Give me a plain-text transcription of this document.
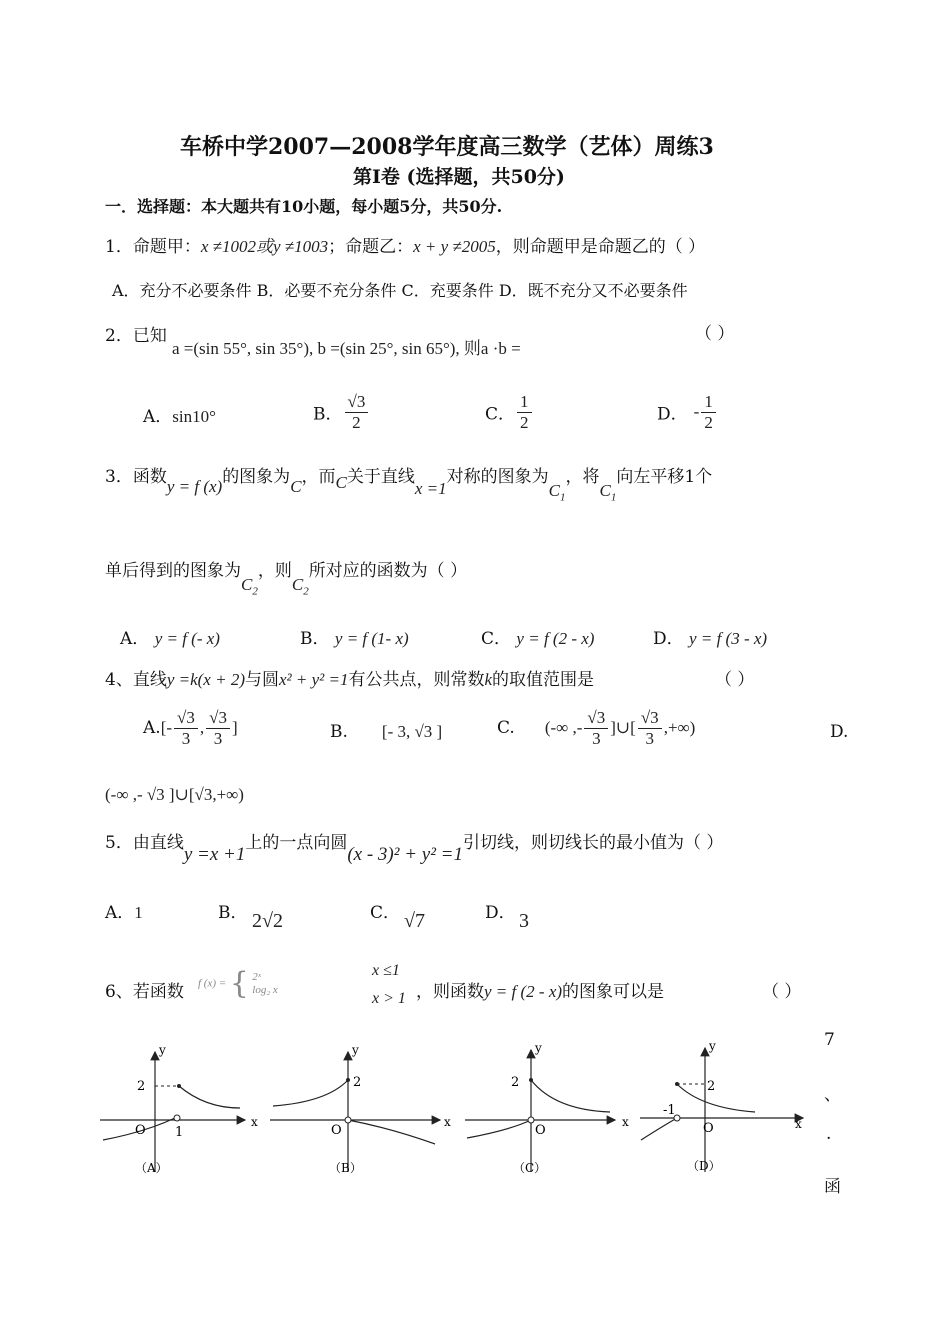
车桥中学2007—2008学年度高三数学（艺体）周练3
第I卷 (选择题，共50分)
一．选择题：本大题共有10小题，每小题5分，共50分.
1．命题甲：x ≠1002或y ≠1003；命题乙：x + y ≠2005，则命题甲是命题乙的（ ）
A．充分不必要条件 B．必要不充分条件 C．充要条件 D．既不充分又不必要条件
2．已知
a =(sin 55°, sin 35°), b =(sin 25°, sin 65°), 则a ·b =
（ ）
A．sin10°	B． $\frac{√3}{2}$	C． $\frac{1}{2}$	D． - $\frac{1}{2}$
3．函数y = f (x)的图象为C，而C关于直线x =1对称的图象为$C_1$，将$C_1$向左平移1个
单后得到的图象为$C_2$，则$C_2$所对应的函数为（ ）
A． y = f (- x)	B． y = f (1- x)	C． y = f (2 - x)	D． y = f (3 - x)
4、直线y =k(x + 2)与圆x² + y² =1有公共点，则常数k的取值范围是	（ ）
$A.[- \frac{√3}{3}$ , $\frac{√3}{3}$ ]	B. [- 3, √3 ]	C. (-∞ ,- $\frac{√3}{3}$ ]∪[ $\frac{√3}{3}$ ,+∞)	D.
(-∞ ,- √3 ]∪[√3,+∞)
5．由直线y =x +1上的一点向圆(x - 3)² + y² =1引切线，则切线长的最小值为（ ）
A．1	B． 2√2	C． √7	D． 3
6、若函数 f (x) = { 2ˣ
log₂ x
x ≤1
x > 1 ，则函数y = f (2 - x)的图象可以是	（ ）
y
x
O
2
1
（A）
y
x
O
2
（B）
y
x
O
2
（C）
y
x
O
2
-1
（D）
7
、
.
函
